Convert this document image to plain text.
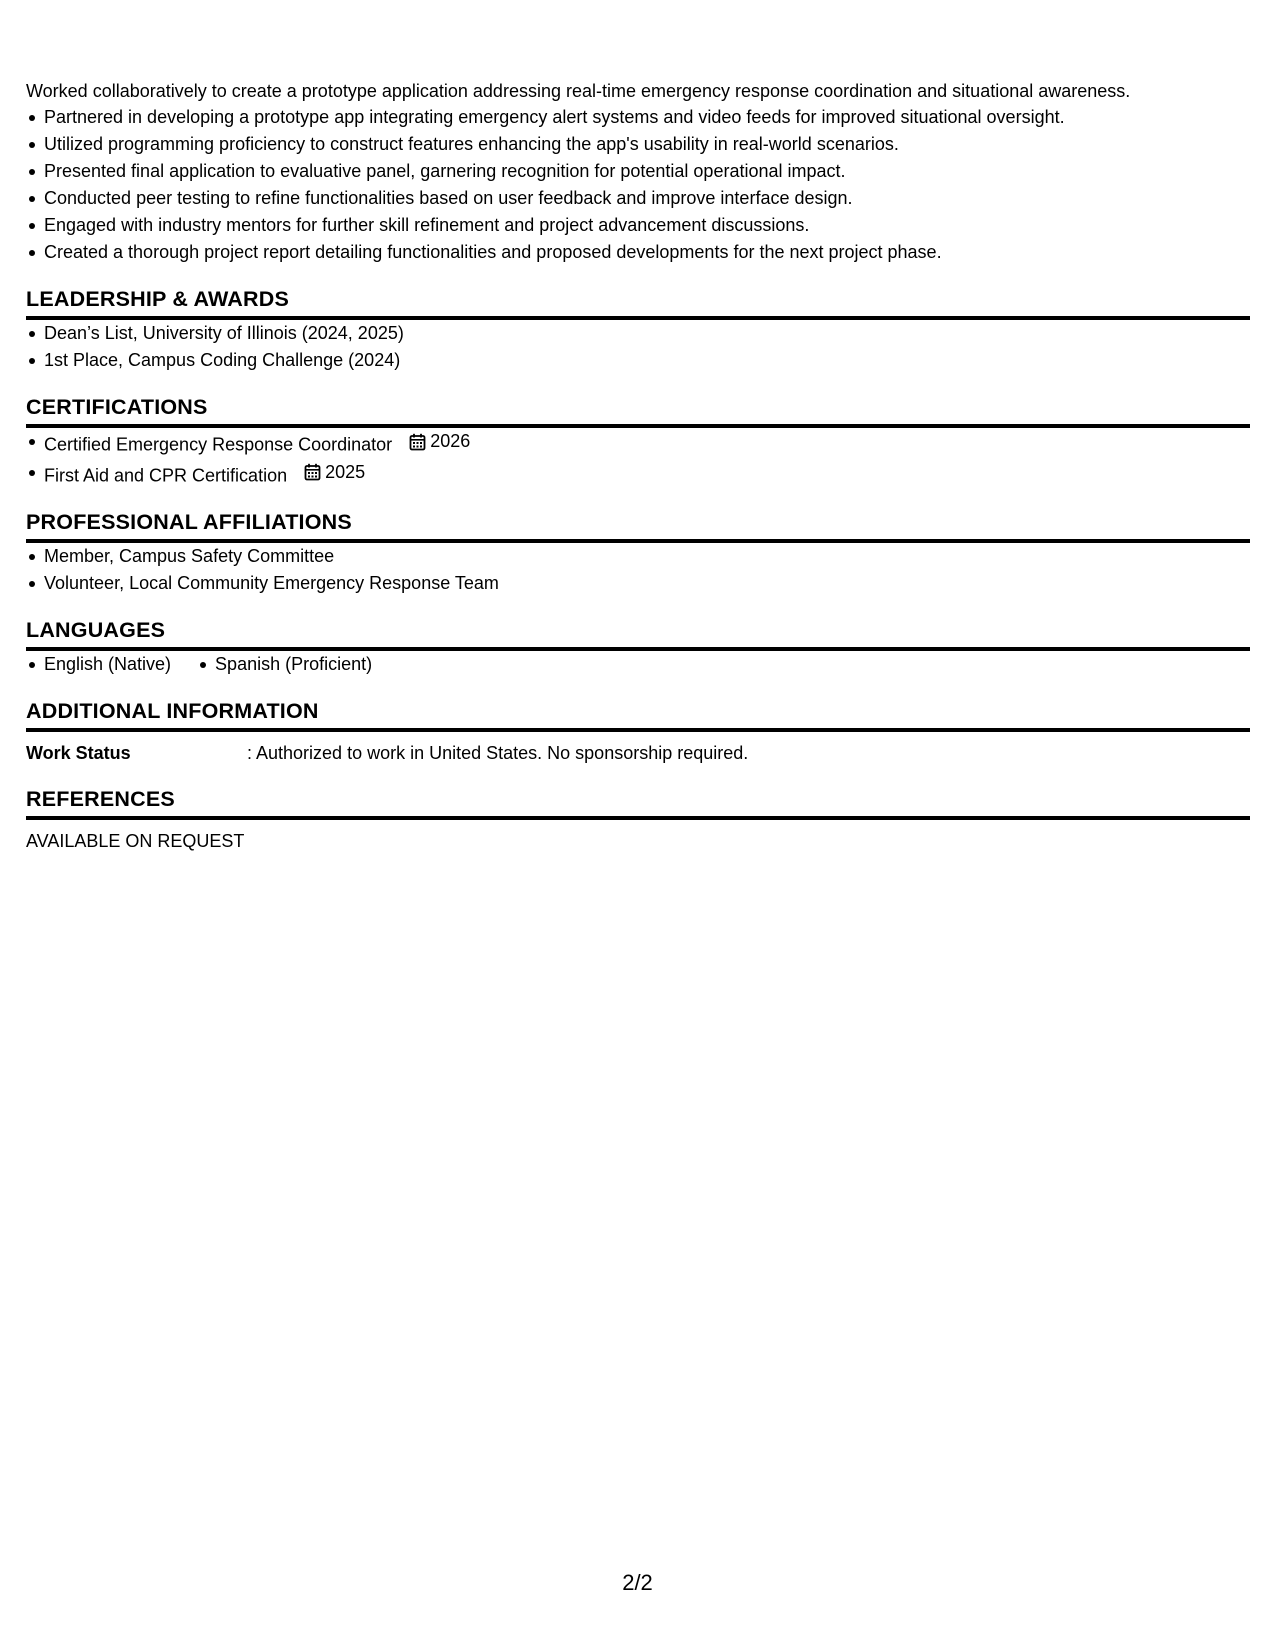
Worked collaboratively to create a prototype application addressing real-time emergency response coordination and situational awareness.

Partnered in developing a prototype app integrating emergency alert systems and video feeds for improved situational oversight.
Utilized programming proficiency to construct features enhancing the app's usability in real-world scenarios.
Presented final application to evaluative panel, garnering recognition for potential operational impact.
Conducted peer testing to refine functionalities based on user feedback and improve interface design.
Engaged with industry mentors for further skill refinement and project advancement discussions.
Created a thorough project report detailing functionalities and proposed developments for the next project phase.
LEADERSHIP & AWARDS
Dean’s List, University of Illinois (2024, 2025)
1st Place, Campus Coding Challenge (2024)
CERTIFICATIONS
Certified Emergency Response Coordinator 2026
First Aid and CPR Certification 2025
PROFESSIONAL AFFILIATIONS
Member, Campus Safety Committee
Volunteer, Local Community Emergency Response Team
LANGUAGES
English (Native) Spanish (Proficient)
ADDITIONAL INFORMATION
Work Status	: Authorized to work in United States. No sponsorship required.
REFERENCES
AVAILABLE ON REQUEST
2/2
